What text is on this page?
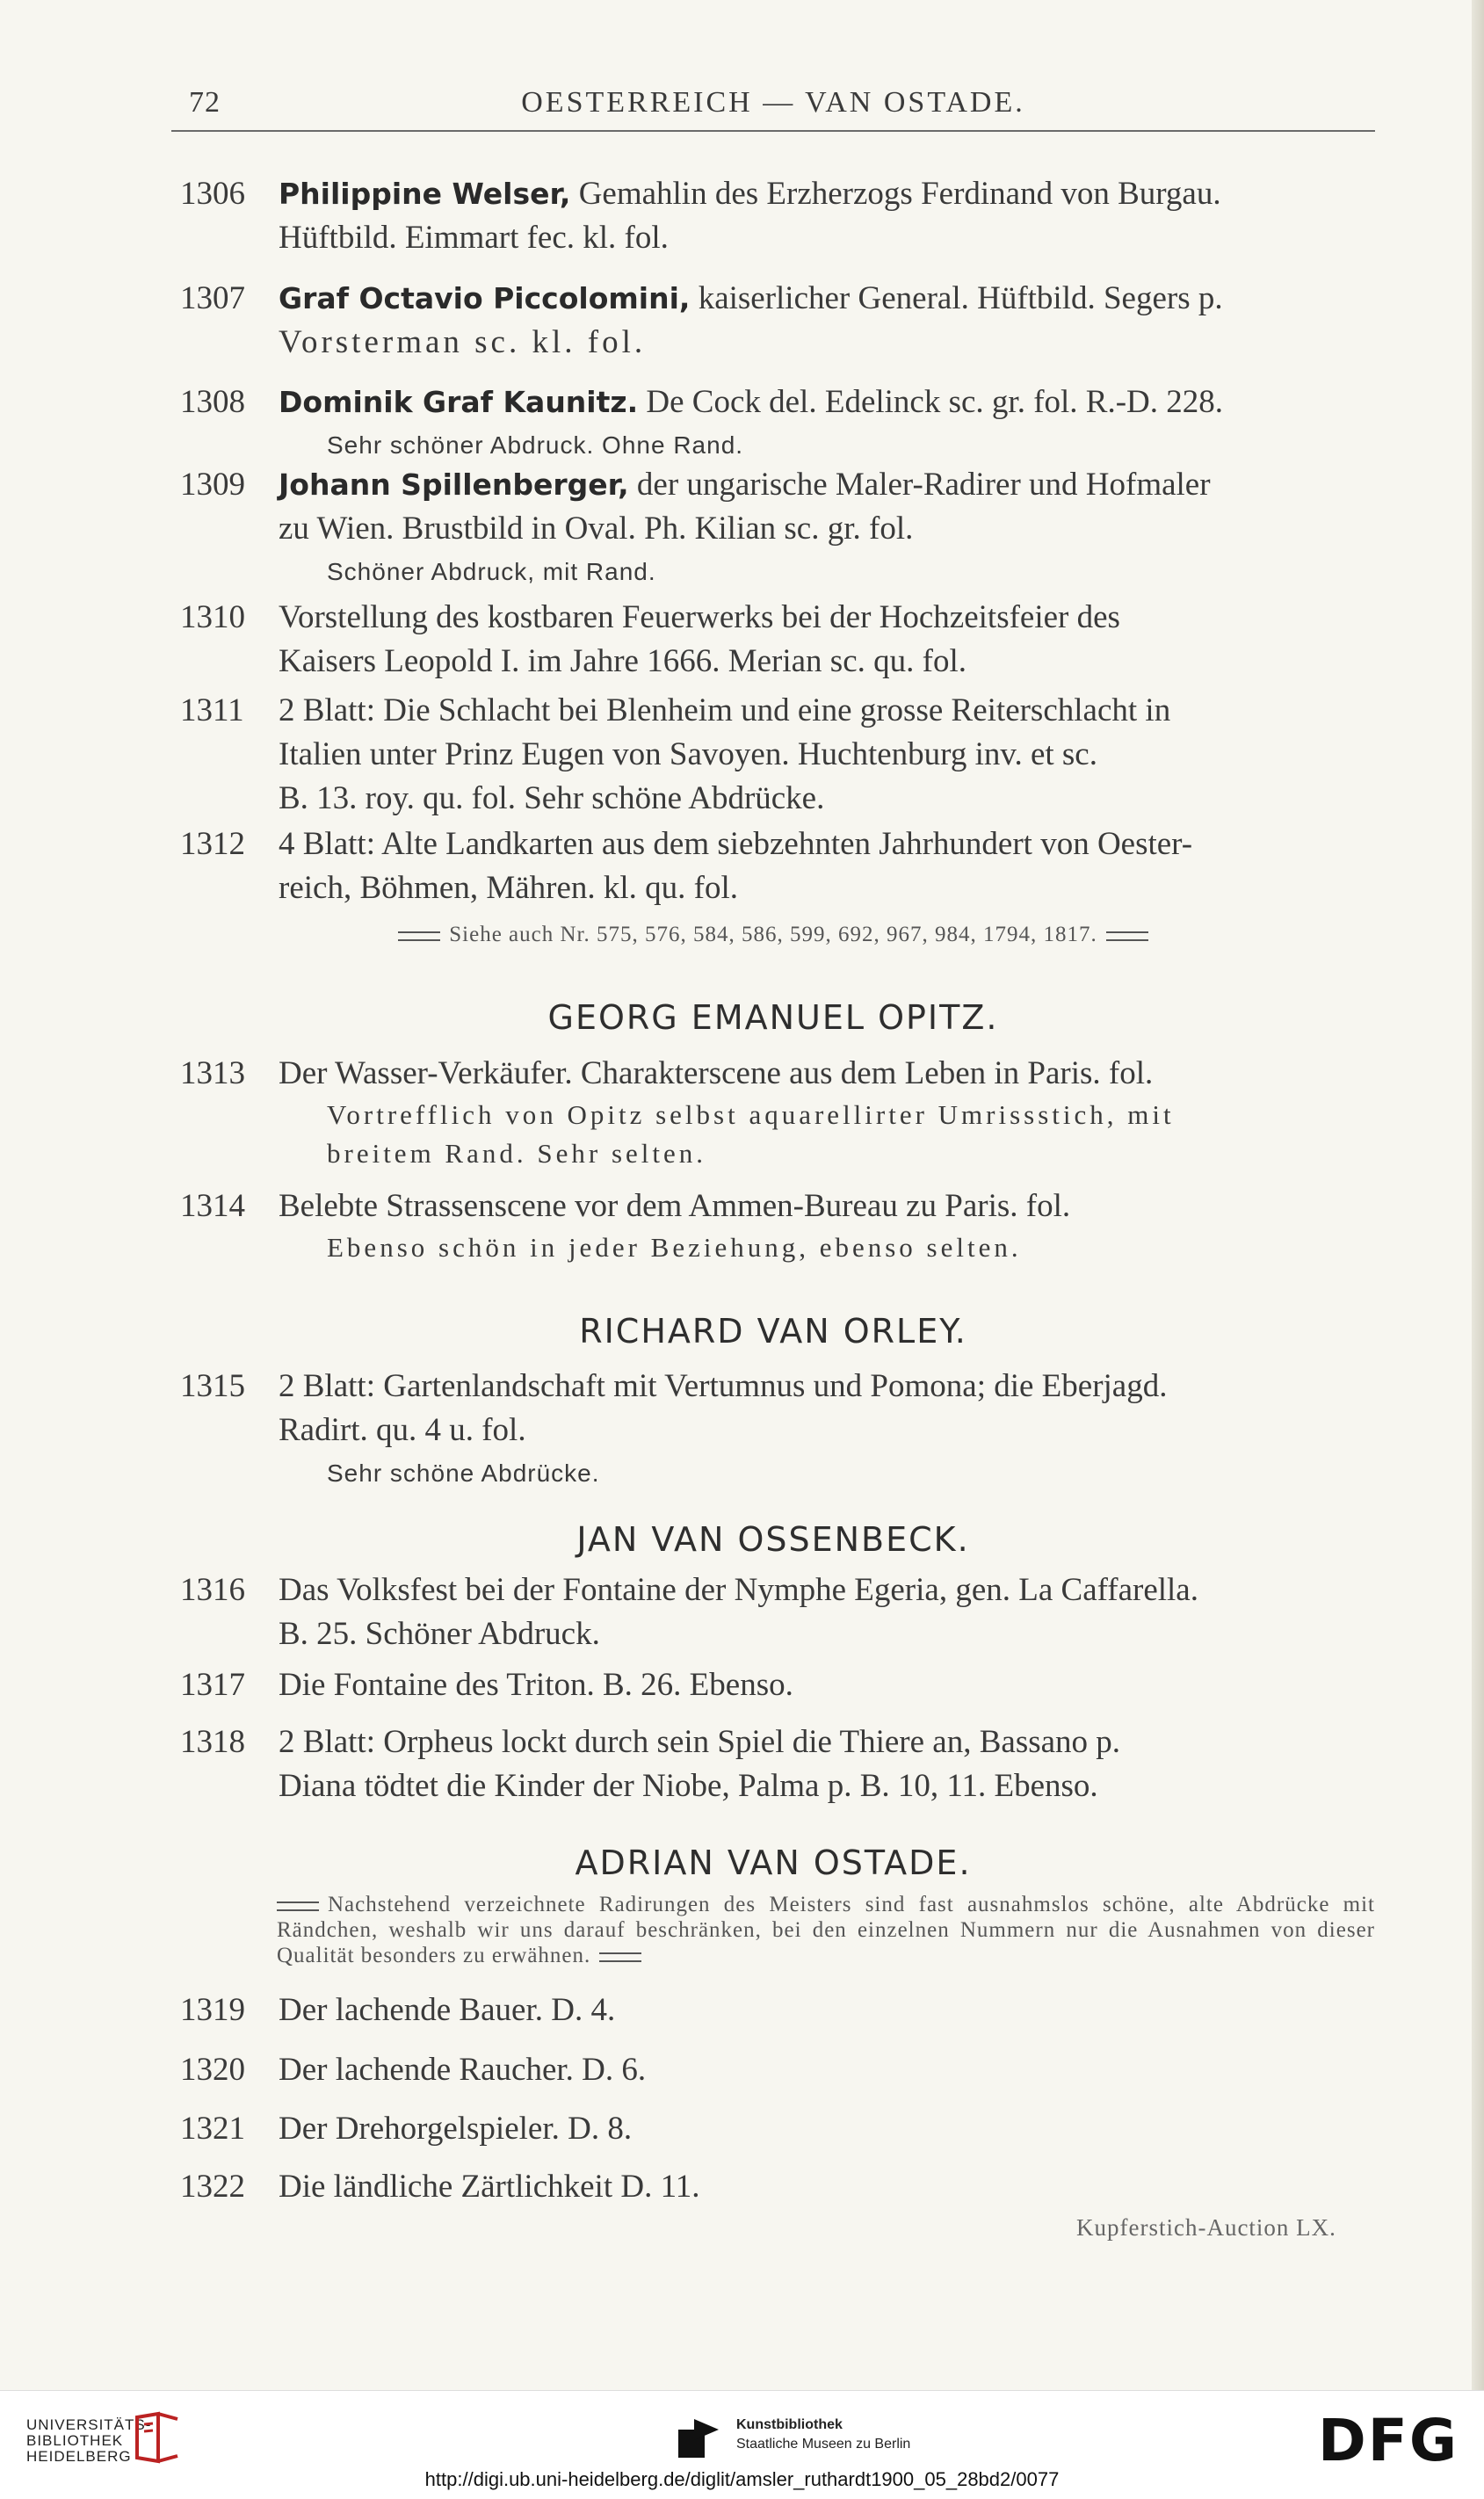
72	OESTERREICH — VAN OSTADE.
1306	Philippine Welser, Gemahlin des Erzherzogs Ferdinand von Burgau.
Hüftbild. Eimmart fec. kl. fol.
1307	Graf Octavio Piccolomini, kaiserlicher General. Hüftbild. Segers p.
Vorsterman sc. kl. fol.
1308	Dominik Graf Kaunitz. De Cock del. Edelinck sc. gr. fol. R.-D. 228.
Sehr schöner Abdruck. Ohne Rand.
1309	Johann Spillenberger, der ungarische Maler-Radirer und Hofmaler
zu Wien. Brustbild in Oval. Ph. Kilian sc. gr. fol.
Schöner Abdruck, mit Rand.
1310	Vorstellung des kostbaren Feuerwerks bei der Hochzeitsfeier des
Kaisers Leopold I. im Jahre 1666. Merian sc. qu. fol.
1311	2 Blatt: Die Schlacht bei Blenheim und eine grosse Reiterschlacht in
Italien unter Prinz Eugen von Savoyen. Huchtenburg inv. et sc.
B. 13. roy. qu. fol. Sehr schöne Abdrücke.
1312	4 Blatt: Alte Landkarten aus dem siebzehnten Jahrhundert von Oester-
reich, Böhmen, Mähren. kl. qu. fol.
Siehe auch Nr. 575, 576, 584, 586, 599, 692, 967, 984, 1794, 1817.
GEORG EMANUEL OPITZ.
1313	Der Wasser-Verkäufer. Charakterscene aus dem Leben in Paris. fol.
Vortrefflich von Opitz selbst aquarellirter Umrissstich, mit
breitem Rand. Sehr selten.
1314	Belebte Strassenscene vor dem Ammen-Bureau zu Paris. fol.
Ebenso schön in jeder Beziehung, ebenso selten.
RICHARD VAN ORLEY.
1315	2 Blatt: Gartenlandschaft mit Vertumnus und Pomona; die Eberjagd.
Radirt. qu. 4 u. fol.
Sehr schöne Abdrücke.
JAN VAN OSSENBECK.
1316	Das Volksfest bei der Fontaine der Nymphe Egeria, gen. La Caffarella.
B. 25. Schöner Abdruck.
1317	Die Fontaine des Triton. B. 26. Ebenso.
1318	2 Blatt: Orpheus lockt durch sein Spiel die Thiere an, Bassano p.
Diana tödtet die Kinder der Niobe, Palma p. B. 10, 11. Ebenso.
ADRIAN VAN OSTADE.
Nachstehend verzeichnete Radirungen des Meisters sind fast ausnahmslos schöne, alte Abdrücke mit Rändchen, weshalb wir uns darauf beschränken, bei den einzelnen Nummern nur die Ausnahmen von dieser Qualität besonders zu erwähnen.
1319	Der lachende Bauer. D. 4.
1320	Der lachende Raucher. D. 6.
1321	Der Drehorgelspieler. D. 8.
1322	Die ländliche Zärtlichkeit D. 11.
Kupferstich-Auction LX.
UNIVERSITÄTS-
BIBLIOTHEK
HEIDELBERG
Kunstbibliothek
Staatliche Museen zu Berlin	DFG
http://digi.ub.uni-heidelberg.de/diglit/amsler_ruthardt1900_05_28bd2/0077
